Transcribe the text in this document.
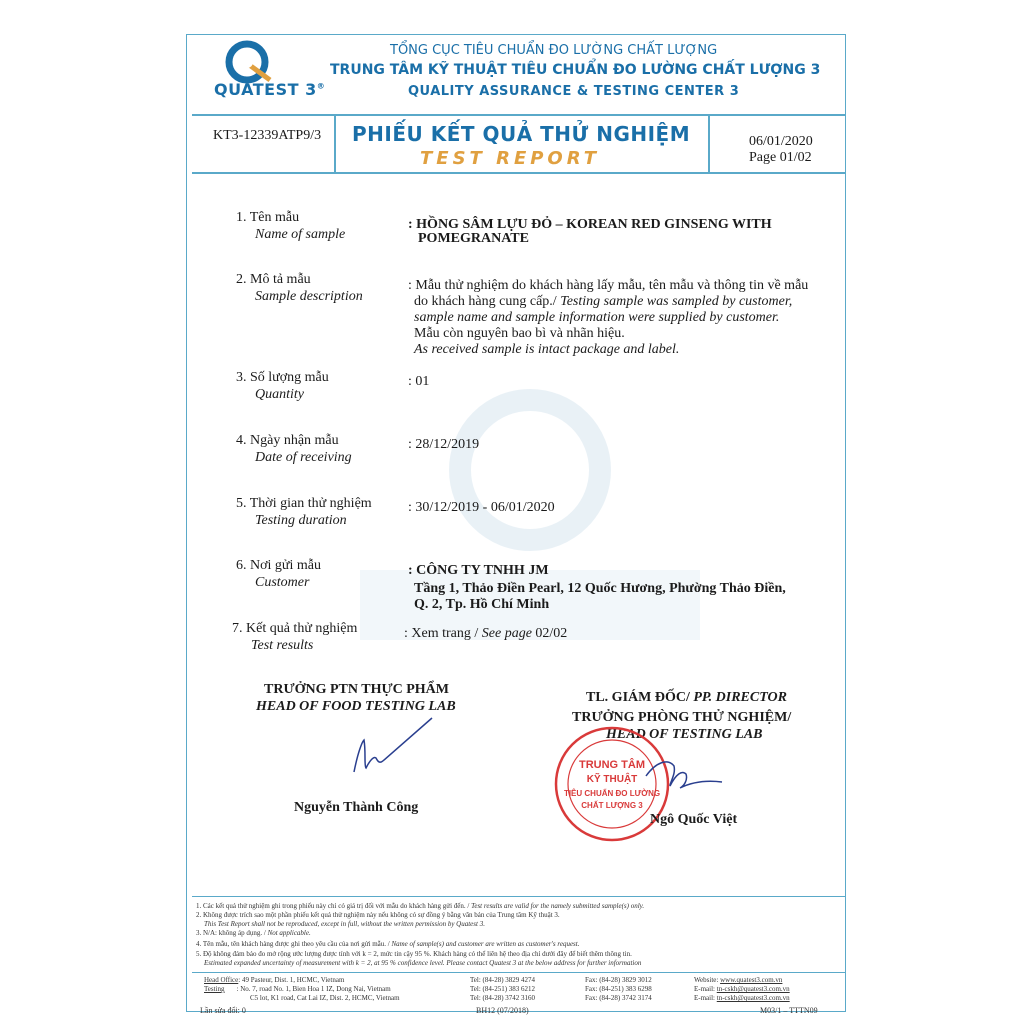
QUATEST 3®
TỔNG CỤC TIÊU CHUẨN ĐO LƯỜNG CHẤT LƯỢNG
TRUNG TÂM KỸ THUẬT TIÊU CHUẨN ĐO LƯỜNG CHẤT LƯỢNG 3
QUALITY ASSURANCE & TESTING CENTER 3
KT3-12339ATP9/3 PHIẾU KẾT QUẢ THỬ NGHIỆM
TEST REPORT
06/01/2020
Page 01/02
1. Tên mẫu
Name of sample
: HỒNG SÂM LỰU ĐỎ – KOREAN RED GINSENG WITH
POMEGRANATE
2. Mô tả mẫu
Sample description
: Mẫu thử nghiệm do khách hàng lấy mẫu, tên mẫu và thông tin về mẫu
do khách hàng cung cấp./ Testing sample was sampled by customer,
sample name and sample information were supplied by customer.
Mẫu còn nguyên bao bì và nhãn hiệu.
As received sample is intact package and label.
3. Số lượng mẫu
Quantity
: 01
4. Ngày nhận mẫu
Date of receiving
: 28/12/2019
5. Thời gian thử nghiệm
Testing duration
: 30/12/2019 - 06/01/2020
6. Nơi gửi mẫu
Customer
: CÔNG TY TNHH JM
Tầng 1, Thảo Điền Pearl, 12 Quốc Hương, Phường Thảo Điền,
Q. 2, Tp. Hồ Chí Minh
7. Kết quả thử nghiệm
Test results
: Xem trang / See page 02/02
TRƯỞNG PTN THỰC PHẨM
HEAD OF FOOD TESTING LAB
Nguyễn Thành Công
TL. GIÁM ĐỐC/ PP. DIRECTOR
TRƯỞNG PHÒNG THỬ NGHIỆM/
HEAD OF TESTING LAB
TRUNG TÂM
KỸ THUẬT
TIÊU CHUẨN ĐO LƯỜNG
CHẤT LƯỢNG 3
Ngô Quốc Việt
1. Các kết quả thử nghiệm ghi trong phiếu này chỉ có giá trị đối với mẫu do khách hàng gửi đến. / Test results are valid for the namely submitted sample(s) only.
2. Không được trích sao một phần phiếu kết quả thử nghiệm này nếu không có sự đồng ý bằng văn bản của Trung tâm Kỹ thuật 3.
This Test Report shall not be reproduced, except in full, without the written permission by Quatest 3.
3. N/A: không áp dụng. / Not applicable.
4. Tên mẫu, tên khách hàng được ghi theo yêu cầu của nơi gửi mẫu. / Name of sample(s) and customer are written as customer's request.
5. Độ không đảm bảo đo mở rộng ước lượng được tính với k = 2, mức tin cậy 95 %. Khách hàng có thể liên hệ theo địa chỉ dưới đây để biết thêm thông tin.
Estimated expanded uncertainty of measurement with k = 2, at 95 % confidence level. Please contact Quatest 3 at the below address for further information
Head Office: 49 Pasteur, Dist. 1, HCMC, Vietnam
Testing : No. 7, road No. 1, Bien Hoa 1 IZ, Dong Nai, Vietnam
C5 lot, K1 road, Cat Lai IZ, Dist. 2, HCMC, Vietnam
Tel: (84-28) 3829 4274
Tel: (84-251) 383 6212
Tel: (84-28) 3742 3160
Fax: (84-28) 3829 3012
Fax: (84-251) 383 6298
Fax: (84-28) 3742 3174
Website: www.quatest3.com.vn
E-mail: tn-cskh@quatest3.com.vn
E-mail: tn-cskh@quatest3.com.vn
Lần sửa đổi: 0	BH12 (07/2018)	M03/1 – TTTN09
